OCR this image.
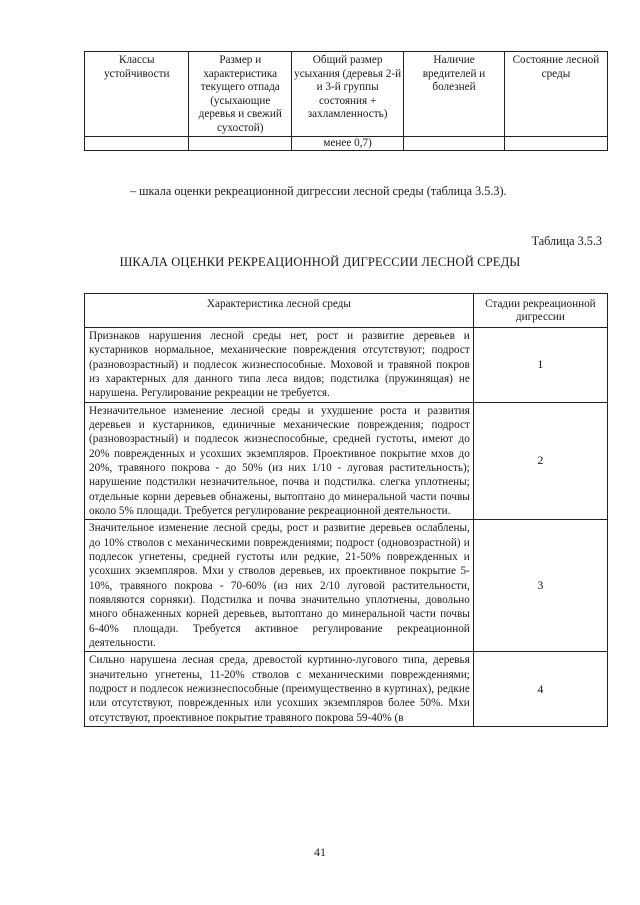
Классы устойчивости	Размер и характеристика текущего отпада (усыхающие деревья и свежий сухостой)	Общий размер усыхания (деревья 2-й и 3-й группы состояния + захламленность)	Наличие вредителей и болезней	Состояние лесной среды
		менее 0,7)		
– шкала оценки рекреационной дигрессии лесной среды (таблица 3.5.3).
Таблица 3.5.3
ШКАЛА ОЦЕНКИ РЕКРЕАЦИОННОЙ ДИГРЕССИИ ЛЕСНОЙ СРЕДЫ
Характеристика лесной среды	Стадии рекреационной дигрессии
Признаков нарушения лесной среды нет, рост и развитие деревьев и кустарников нормальное, механические повреждения отсутствуют; подрост (разновозрастный) и подлесок жизнеспособные. Моховой и травяной покров из характерных для данного типа леса видов; подстилка (пружинящая) не нарушена. Регулирование рекреации не требуется.	1
Незначительное изменение лесной среды и ухудшение роста и развития деревьев и кустарников, единичные механические повреждения; подрост (разновозрастный) и подлесок жизнеспособные, средней густоты, имеют до 20% поврежденных и усохших экземпляров. Проективное покрытие мхов до 20%, травяного покрова - до 50% (из них 1/10 - луговая растительность); нарушение подстилки незначительное, почва и подстилка. слегка уплотнены; отдельные корни деревьев обнажены, вытоптано до минеральной части почвы около 5% площади. Требуется регулирование рекреационной деятельности.	2
Значительное изменение лесной среды, рост и развитие деревьев ослаблены, до 10% стволов с механическими повреждениями; подрост (одновозрастной) и подлесок угнетены, средней густоты или редкие, 21-50% поврежденных и усохших экземпляров. Мхи у стволов деревьев, их проективное покрытие 5-10%, травяного покрова - 70-60% (из них 2/10 луговой растительности, появляются сорняки). Подстилка и почва значительно уплотнены, довольно много обнаженных корней деревьев, вытоптано до минеральной части почвы 6-40% площади. Требуется активное регулирование рекреационной деятельности.	3
Сильно нарушена лесная среда, древостой куртинно-лугового типа, деревья значительно угнетены, 11-20% стволов с механическими повреждениями; подрост и подлесок нежизнеспособные (преимущественно в куртинах), редкие или отсутствуют, поврежденных или усохших экземпляров более 50%. Мхи отсутствуют, проективное покрытие травяного покрова 59-40% (в	4
41
